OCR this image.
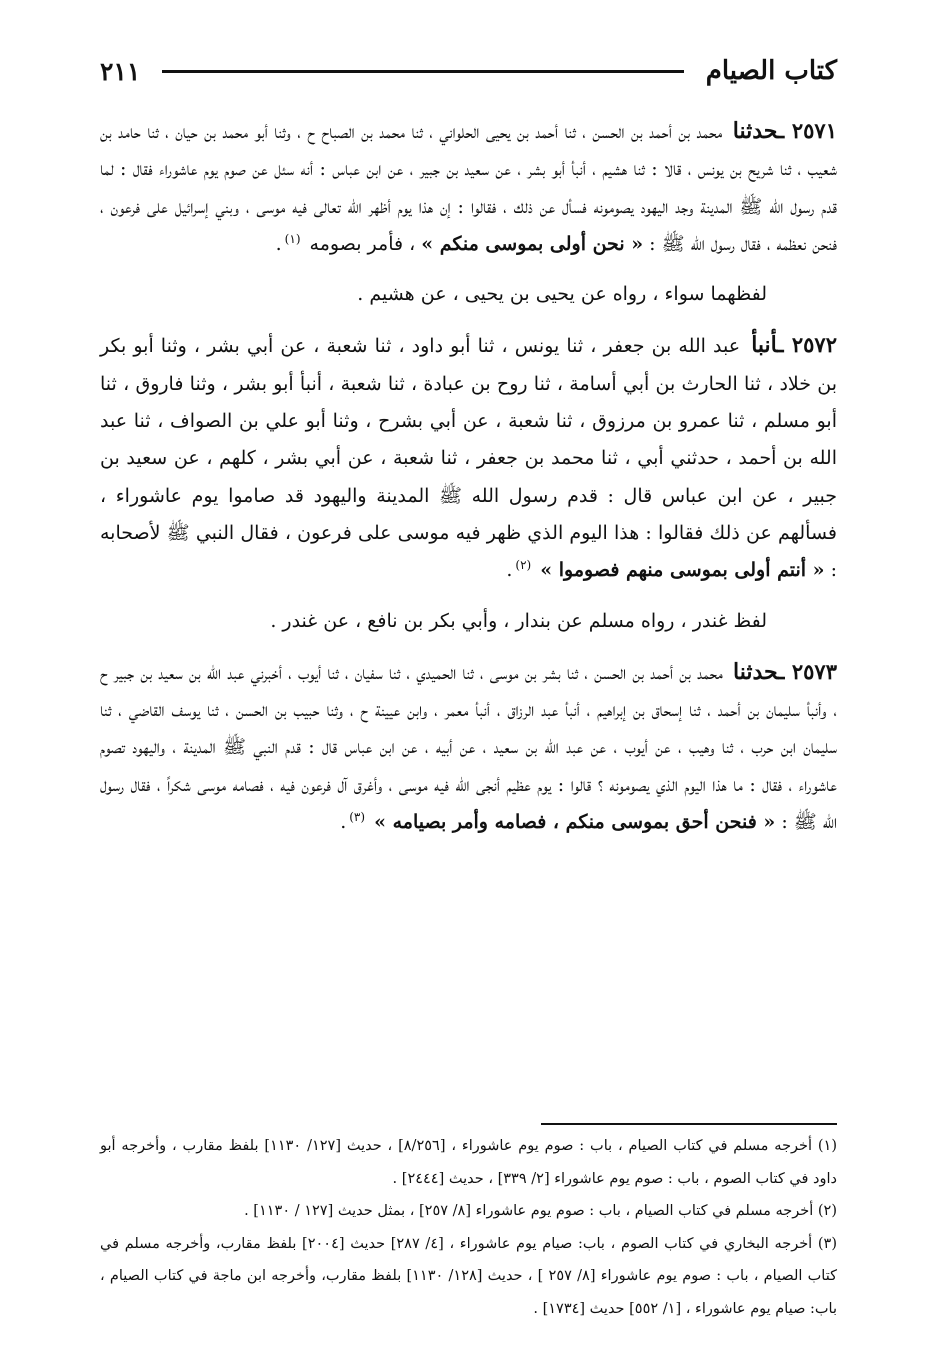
كتاب الصيام
٢١١

٢٥٧١ ـحدثنا محمد بن أحمد بن الحسن ، ثنا أحمد بن يحيى الحلواني ، ثنا محمد بن الصباح ح ، وثنا أبو محمد بن حيان ، ثنا حامد بن شعيب ، ثنا شريح بن يونس ، قالا : ثنا هشيم ، أنبأ أبو بشر ، عن سعيد بن جبير ، عن ابن عباس : أنه سئل عن صوم يوم عاشوراء فقال : لما قدم رسول الله ﷺ المدينة وجد اليهود يصومونه فسأل عن ذلك ، فقالوا : إن هذا يوم أظهر الله تعالى فيه موسى ، وبني إسرائيل على فرعون ، فنحن نعظمه ، فقال رسول الله ﷺ : « نحن أولى بموسى منكم » ، فأمر بصومه $^{(١)}$.

لفظهما سواء ، رواه عن يحيى بن يحيى ، عن هشيم .

٢٥٧٢ ـأنبأ عبد الله بن جعفر ، ثنا يونس ، ثنا أبو داود ، ثنا شعبة ، عن أبي بشر ، وثنا أبو بكر بن خلاد ، ثنا الحارث بن أبي أسامة ، ثنا روح بن عبادة ، ثنا شعبة ، أنبأ أبو بشر ، وثنا فاروق ، ثنا أبو مسلم ، ثنا عمرو بن مرزوق ، ثنا شعبة ، عن أبي بشرح ، وثنا أبو علي بن الصواف ، ثنا عبد الله بن أحمد ، حدثني أبي ، ثنا محمد بن جعفر ، ثنا شعبة ، عن أبي بشر ، كلهم ، عن سعيد بن جبير ، عن ابن عباس قال : قدم رسول الله ﷺ المدينة واليهود قد صاموا يوم عاشوراء ، فسألهم عن ذلك فقالوا : هذا اليوم الذي ظهر فيه موسى على فرعون ، فقال النبي ﷺ لأصحابه : « أنتم أولى بموسى منهم فصوموا » $^{(٢)}$.

لفظ غندر ، رواه مسلم عن بندار ، وأبي بكر بن نافع ، عن غندر .

٢٥٧٣ ـحدثنا محمد بن أحمد بن الحسن ، ثنا بشر بن موسى ، ثنا الحميدي ، ثنا سفيان ، ثنا أيوب ، أخبرني عبد الله بن سعيد بن جبير ح ، وأنبأ سليمان بن أحمد ، ثنا إسحاق بن إبراهيم ، أنبأ عبد الرزاق ، أنبأ معمر ، وابن عيينة ح ، وثنا حبيب بن الحسن ، ثنا يوسف القاضي ، ثنا سليمان ابن حرب ، ثنا وهيب ، عن أيوب ، عن عبد الله بن سعيد ، عن أبيه ، عن ابن عباس قال : قدم النبي ﷺ المدينة ، واليهود تصوم عاشوراء ، فقال : ما هذا اليوم الذي يصومونه ؟ قالوا : يوم عظيم أنجى الله فيه موسى ، وأغرق آل فرعون فيه ، فصامه موسى شكراً ، فقال رسول الله ﷺ : « فنحن أحق بموسى منكم ، فصامه وأمر بصيامه » $^{(٣)}$.

(١) أخرجه مسلم في كتاب الصيام ، باب : صوم يوم عاشوراء ، [٨/٢٥٦] ، حديث [١٢٧/ ١١٣٠] بلفظ مقارب ، وأخرجه أبو داود في كتاب الصوم ، باب : صوم يوم عاشوراء [٢/ ٣٣٩] ، حديث [٢٤٤٤] .

(٢) أخرجه مسلم في كتاب الصيام ، باب : صوم يوم عاشوراء [٨/ ٢٥٧] ، بمثل حديث [١٢٧ / ١١٣٠] .

(٣) أخرجه البخاري في كتاب الصوم ، باب: صيام يوم عاشوراء ، [٤/ ٢٨٧] حديث [٢٠٠٤] بلفظ مقارب، وأخرجه مسلم في كتاب الصيام ، باب : صوم يوم عاشوراء [٨/ ٢٥٧ ] ، حديث [١٢٨/ ١١٣٠] بلفظ مقارب، وأخرجه ابن ماجة في كتاب الصيام ، باب: صيام يوم عاشوراء ، [١/ ٥٥٢] حديث [١٧٣٤] .
